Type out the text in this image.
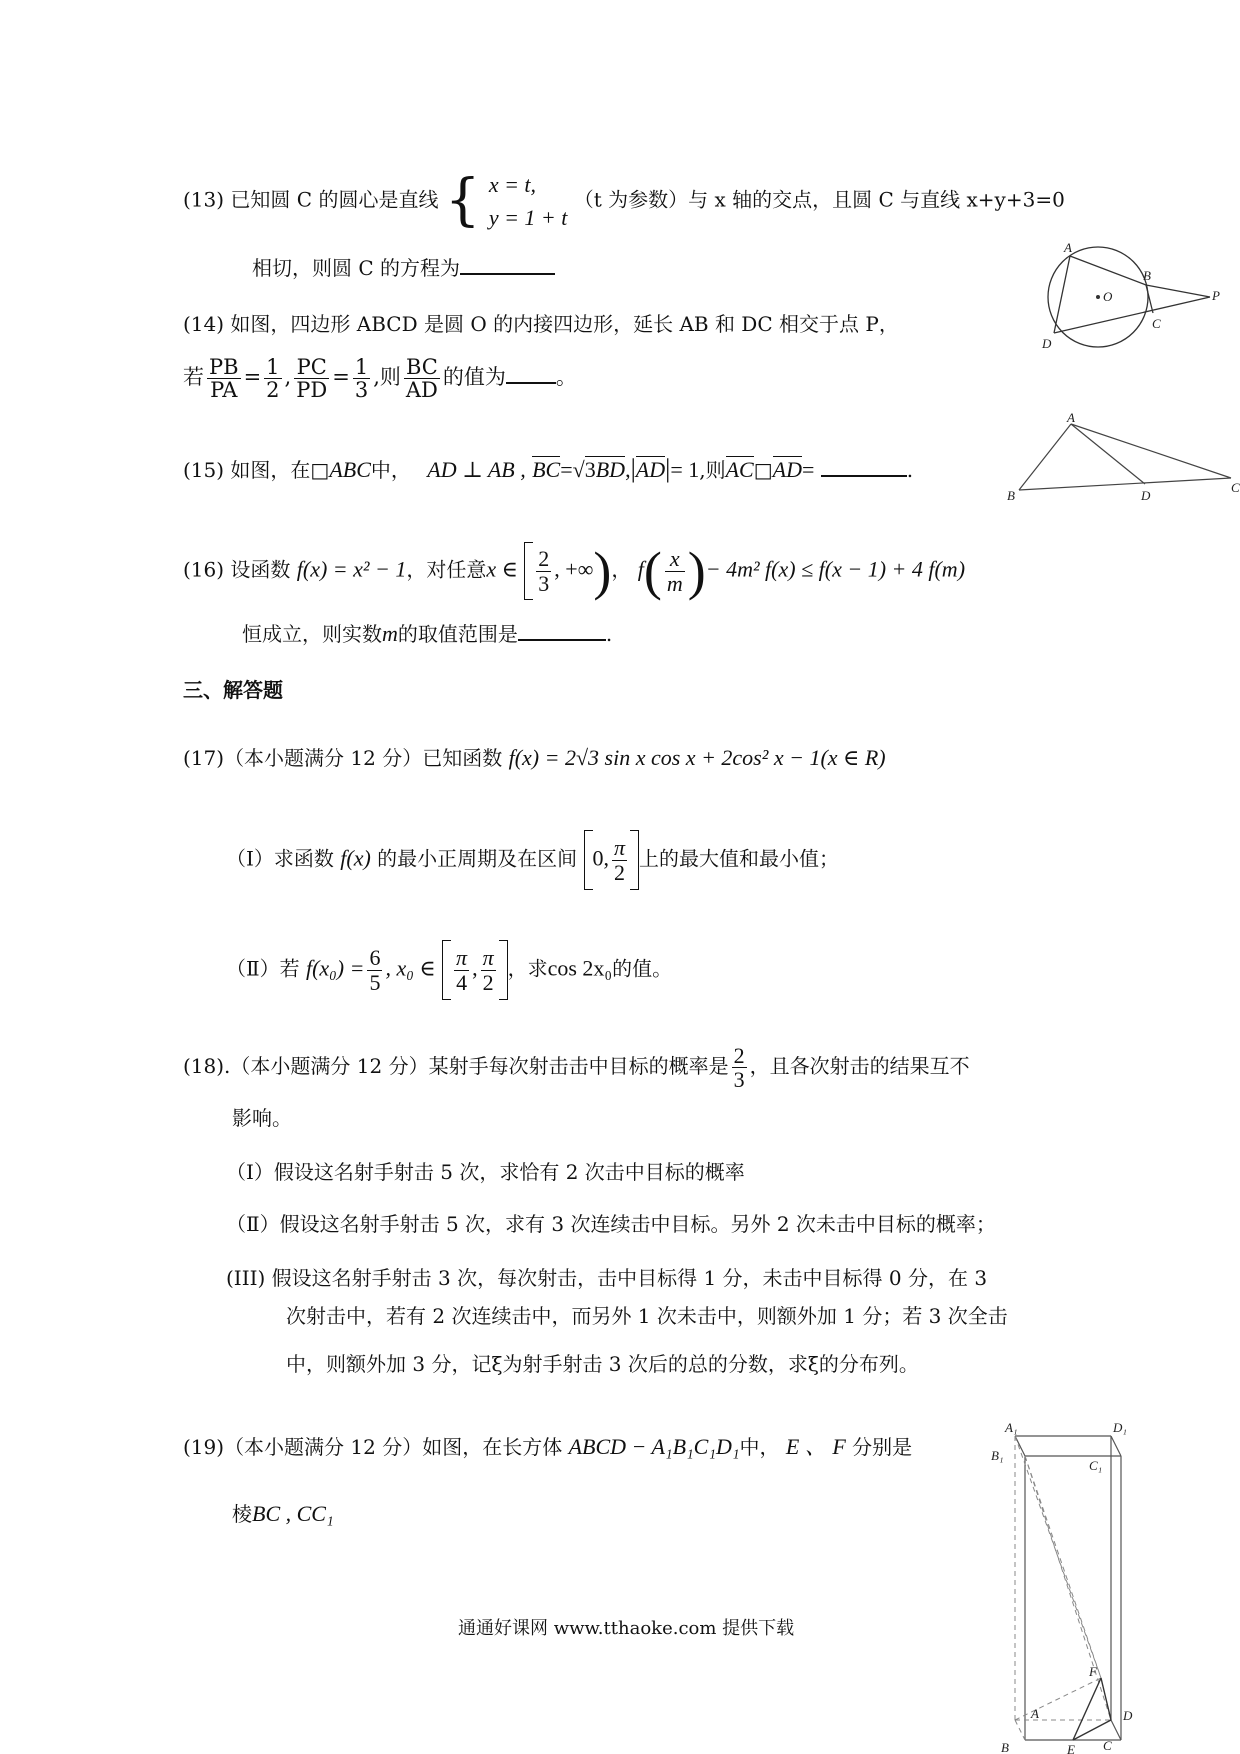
(13) 已知圆 C 的圆心是直线 { x = t,
y = 1 + t
（t 为参数）与 x 轴的交点，且圆 C 与直线 x+y+3=0
相切，则圆 C 的方程为
A
B
C
D
O	P
(14) 如图，四边形 ABCD 是圆 O 的内接四边形，延长 AB 和 DC 相交于点 P，
若 $\frac{PB}{PA} = \frac{1}{2}$ , $\frac{PC}{PD} = \frac{1}{3}$ ,则 $\frac{BC}{AD}$ 的值为 。
A
B	D
C
(15) 如图，在□ABC中， AD ⊥ AB , BC=√3BD,|AD|= 1,则AC□AD=	.
(16) 设函数 f(x) = x² − 1，对任意x ∈ $\frac{2}{3}$ , +∞)， $f( \frac{x}{m}$ )− 4m² f(x) ≤ f(x − 1) + 4 f(m)
恒成立，则实数m的取值范围是	.
三、解答题
(17)（本小题满分 12 分）已知函数 f(x) = 2√3 sin x cos x + 2cos² x − 1(x ∈ R)
（Ⅰ）求函数 f(x) 的最小正周期及在区间 0, $\frac{\pi}{2}$ 上的最大值和最小值；
（Ⅱ）若 $f(x_0) = \frac{6}{5}$ , x₀ ∈ $\frac{\pi}{4}$ , $\frac{\pi}{2}$ ，求cos 2x₀的值。
(18).（本小题满分 12 分）某射手每次射击击中目标的概率是 $\frac{2}{3}$ ，且各次射击的结果互不
影响。
（Ⅰ）假设这名射手射击 5 次，求恰有 2 次击中目标的概率
（Ⅱ）假设这名射手射击 5 次，求有 3 次连续击中目标。另外 2 次未击中目标的概率；
(III) 假设这名射手射击 3 次，每次射击，击中目标得 1 分，未击中目标得 0 分，在 3
次射击中，若有 2 次连续击中，而另外 1 次未击中，则额外加 1 分；若 3 次全击
中，则额外加 3 分，记ξ为射手射击 3 次后的总的分数，求ξ的分布列。
(19)（本小题满分 12 分）如图，在长方体 ABCD − A₁B₁C₁D₁中， E 、 F 分别是
棱BC , CC₁
A₁	D₁
B₁
C₁
F
A	D
B	E C
通通好课网 www.tthaoke.com 提供下载
